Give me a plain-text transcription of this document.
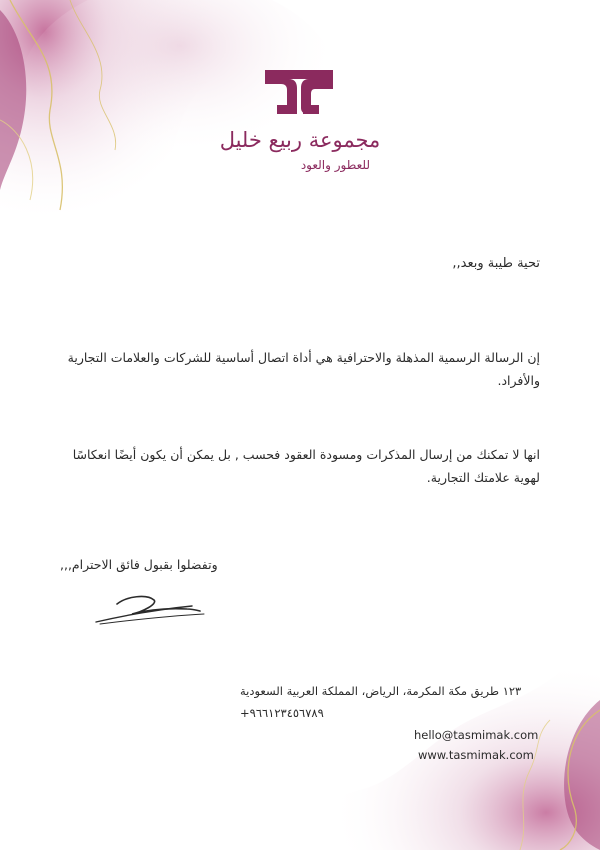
مجموعة ربيع خليل
للعطور والعود
تحية طيبة وبعد,,
إن الرسالة الرسمية المذهلة والاحترافية هي أداة اتصال أساسية للشركات والعلامات التجارية والأفراد.
انها لا تمكنك من إرسال المذكرات ومسودة العقود فحسب , بل يمكن أن يكون أيضًا انعكاسًا لهوية علامتك التجارية.
وتفضلوا بقبول فائق الاحترام,,,
١٢٣ طريق مكة المكرمة، الرياض، المملكة العربية السعودية
+٩٦٦١٢٣٤٥٦٧٨٩
hello@tasmimak.com
www.tasmimak.com
